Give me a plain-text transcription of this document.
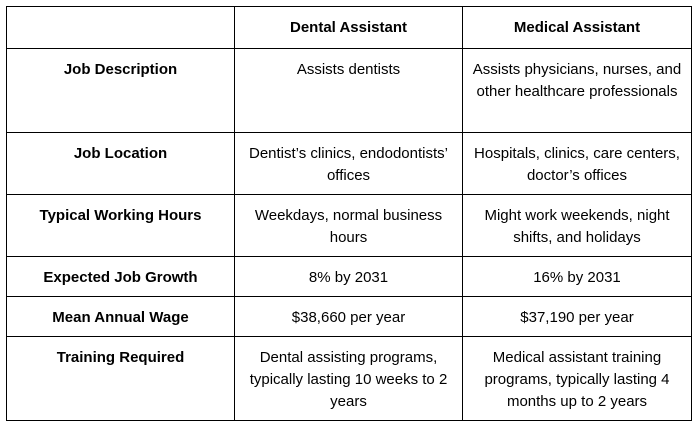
	Dental Assistant	Medical Assistant
Job Description	Assists dentists	Assists physicians, nurses, and other healthcare professionals
Job Location	Dentist’s clinics, endodontists’ offices	Hospitals, clinics, care centers, doctor’s offices
Typical Working Hours	Weekdays, normal business hours	Might work weekends, night shifts, and holidays
Expected Job Growth	8% by 2031	16% by 2031
Mean Annual Wage	$38,660 per year	$37,190 per year
Training Required	Dental assisting programs, typically lasting 10 weeks to 2 years	Medical assistant training programs, typically lasting 4 months up to 2 years
